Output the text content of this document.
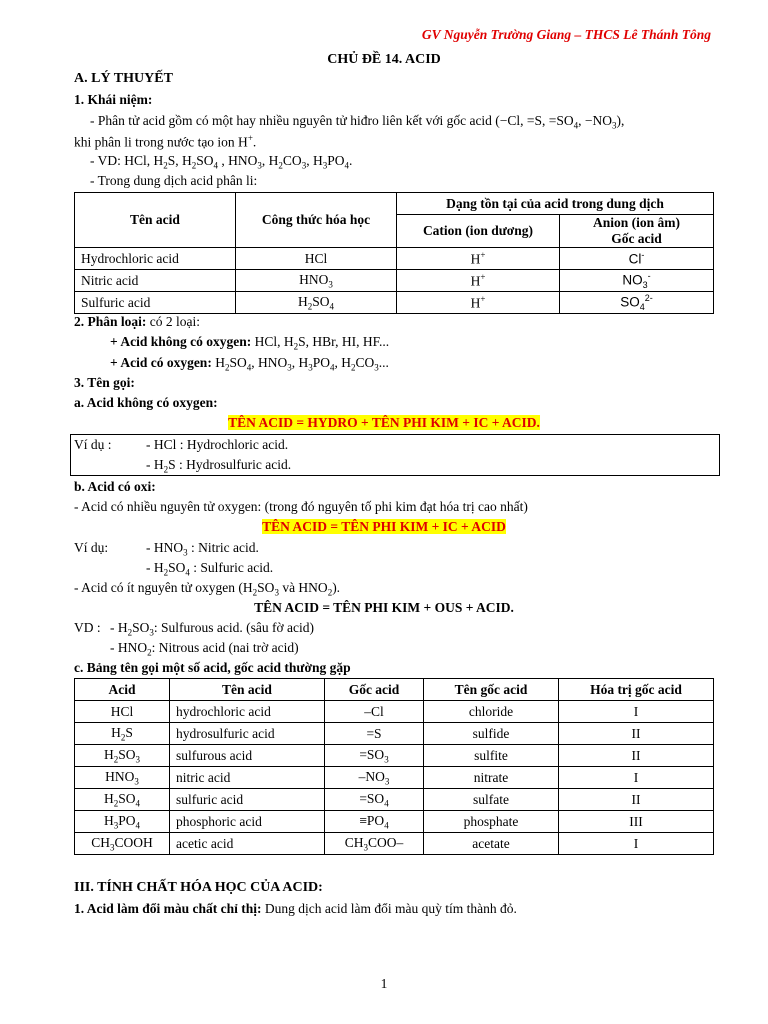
GV Nguyễn Trường Giang – THCS Lê Thánh Tông
CHỦ ĐỀ 14. ACID
A. LÝ THUYẾT
1. Khái niệm:
- Phân tử acid gồm có một hay nhiều nguyên tử hiđro liên kết với gốc acid (−Cl, =S, $=SO_4$, $-NO_3$),
khi phân li trong nước tạo ion H+.
- VD: HCl, $H_2S$, $H_2SO_4$ , $HNO_3$, $H_2CO_3$, $H_3PO_4$.
- Trong dung dịch acid phân li:
Tên acid	Công thức hóa học	Dạng tồn tại của acid trong dung dịch	
		Cation (ion dương)	Anion (ion âm)
Gốc acid
Hydrochloric acid	HCl	H+	Cl-
Nitric acid	$HNO_3$	H+	$NO_3^-$
Sulfuric acid	$H_2SO_4$	H+	$SO_4^{2-}$
2. Phân loại: có 2 loại:
+ Acid không có oxygen: HCl, $H_2S$, HBr, HI, HF...
+ Acid có oxygen: $H_2SO_4$, $HNO_3$, $H_3PO_4$, $H_2CO_3$...
3. Tên gọi:
a. Acid không có oxygen:
TÊN ACID = HYDRO + TÊN PHI KIM + IC + ACID.
Ví dụ :	- HCl : Hydrochloric acid.
- $H_2S$ : Hydrosulfuric acid.
b. Acid có oxi:
- Acid có nhiều nguyên tử oxygen: (trong đó nguyên tố phi kim đạt hóa trị cao nhất)
TÊN ACID = TÊN PHI KIM + IC + ACID
Ví dụ:	- $HNO_3$ : Nitric acid.
- $H_2SO_4$ : Sulfuric acid.
- Acid có ít nguyên tử oxygen ($H_2SO_3$ và $HNO_2$).
TÊN ACID = TÊN PHI KIM + OUS + ACID.
VD : - $H_2SO_3$: Sulfurous acid. (sâu fờ acid)
- $HNO_2$: Nitrous acid (nai trờ acid)
c. Bảng tên gọi một số acid, gốc acid thường gặp
Acid	Tên acid	Gốc acid	Tên gốc acid	Hóa trị gốc acid
HCl	hydrochloric acid	–Cl	chloride	I
$H_2S$	hydrosulfuric acid	=S	sulfide	II
$H_2SO_3$	sulfurous acid	$=SO_3$	sulfite	II
$HNO_3$	nitric acid	$-NO_3$	nitrate	I
$H_2SO_4$	sulfuric acid	$=SO_4$	sulfate	II
$H_3PO_4$	phosphoric acid	$\equiv PO_4$	phosphate	III
$CH_3COOH$	acetic acid	$CH_3COO-$	acetate	I
III. TÍNH CHẤT HÓA HỌC CỦA ACID:
1. Acid làm đổi màu chất chỉ thị: Dung dịch acid làm đổi màu quỳ tím thành đỏ.
1
